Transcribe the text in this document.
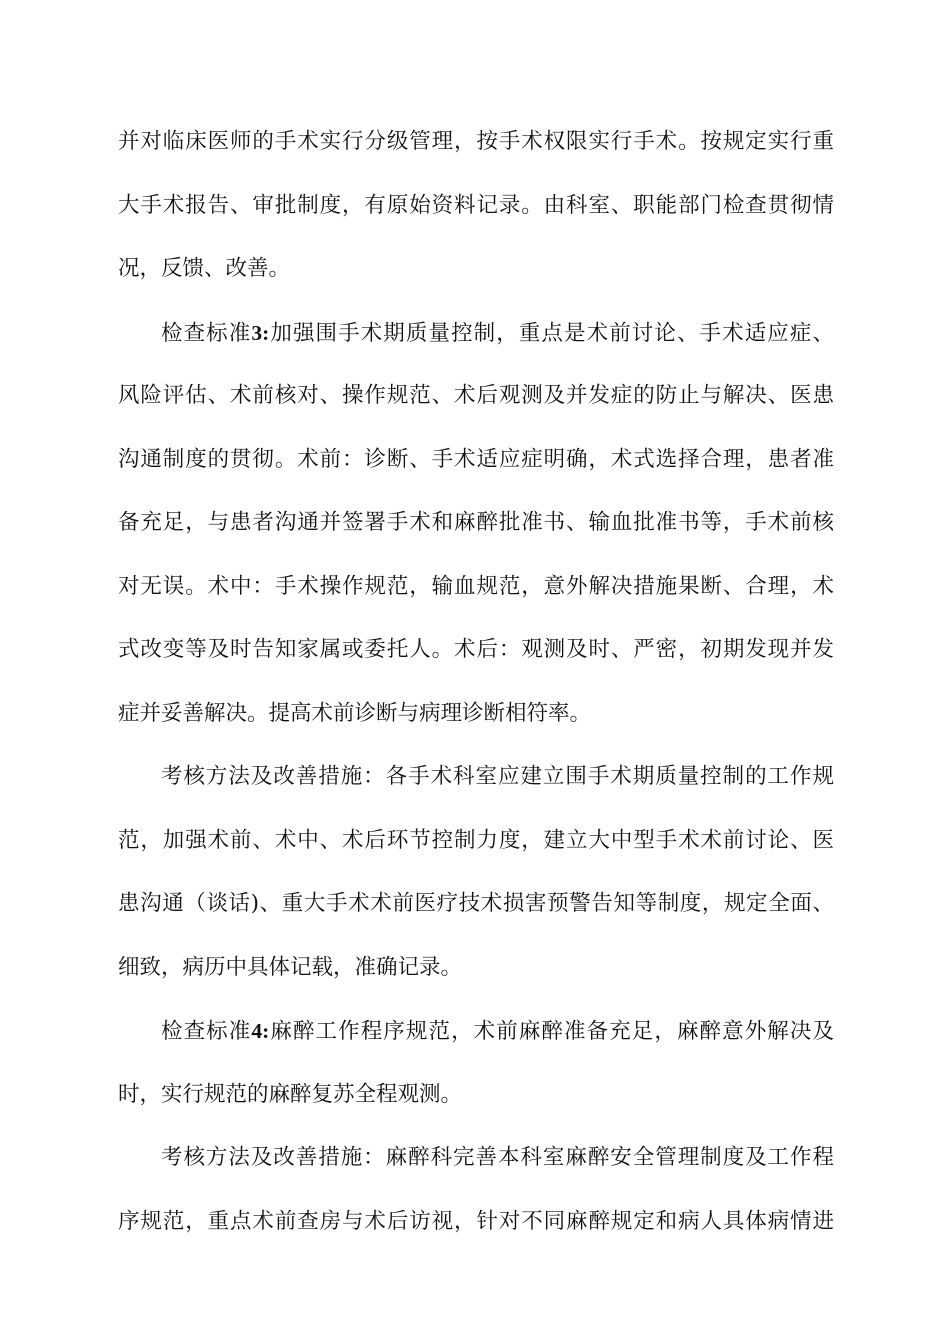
并对临床医师的手术实行分级管理，按手术权限实行手术。按规定实行重
大手术报告、审批制度，有原始资料记录。由科室、职能部门检查贯彻情
况，反馈、改善。
检查标准3:加强围手术期质量控制，重点是术前讨论、手术适应症、
风险评估、术前核对、操作规范、术后观测及并发症的防止与解决、医患
沟通制度的贯彻。术前：诊断、手术适应症明确，术式选择合理，患者准
备充足，与患者沟通并签署手术和麻醉批准书、输血批准书等，手术前核
对无误。术中：手术操作规范，输血规范，意外解决措施果断、合理，术
式改变等及时告知家属或委托人。术后：观测及时、严密，初期发现并发
症并妥善解决。提高术前诊断与病理诊断相符率。
考核方法及改善措施：各手术科室应建立围手术期质量控制的工作规
范，加强术前、术中、术后环节控制力度，建立大中型手术术前讨论、医
患沟通（谈话)、重大手术术前医疗技术损害预警告知等制度，规定全面、
细致，病历中具体记载，准确记录。
检查标准4:麻醉工作程序规范，术前麻醉准备充足，麻醉意外解决及
时，实行规范的麻醉复苏全程观测。
考核方法及改善措施：麻醉科完善本科室麻醉安全管理制度及工作程
序规范，重点术前查房与术后访视，针对不同麻醉规定和病人具体病情进
